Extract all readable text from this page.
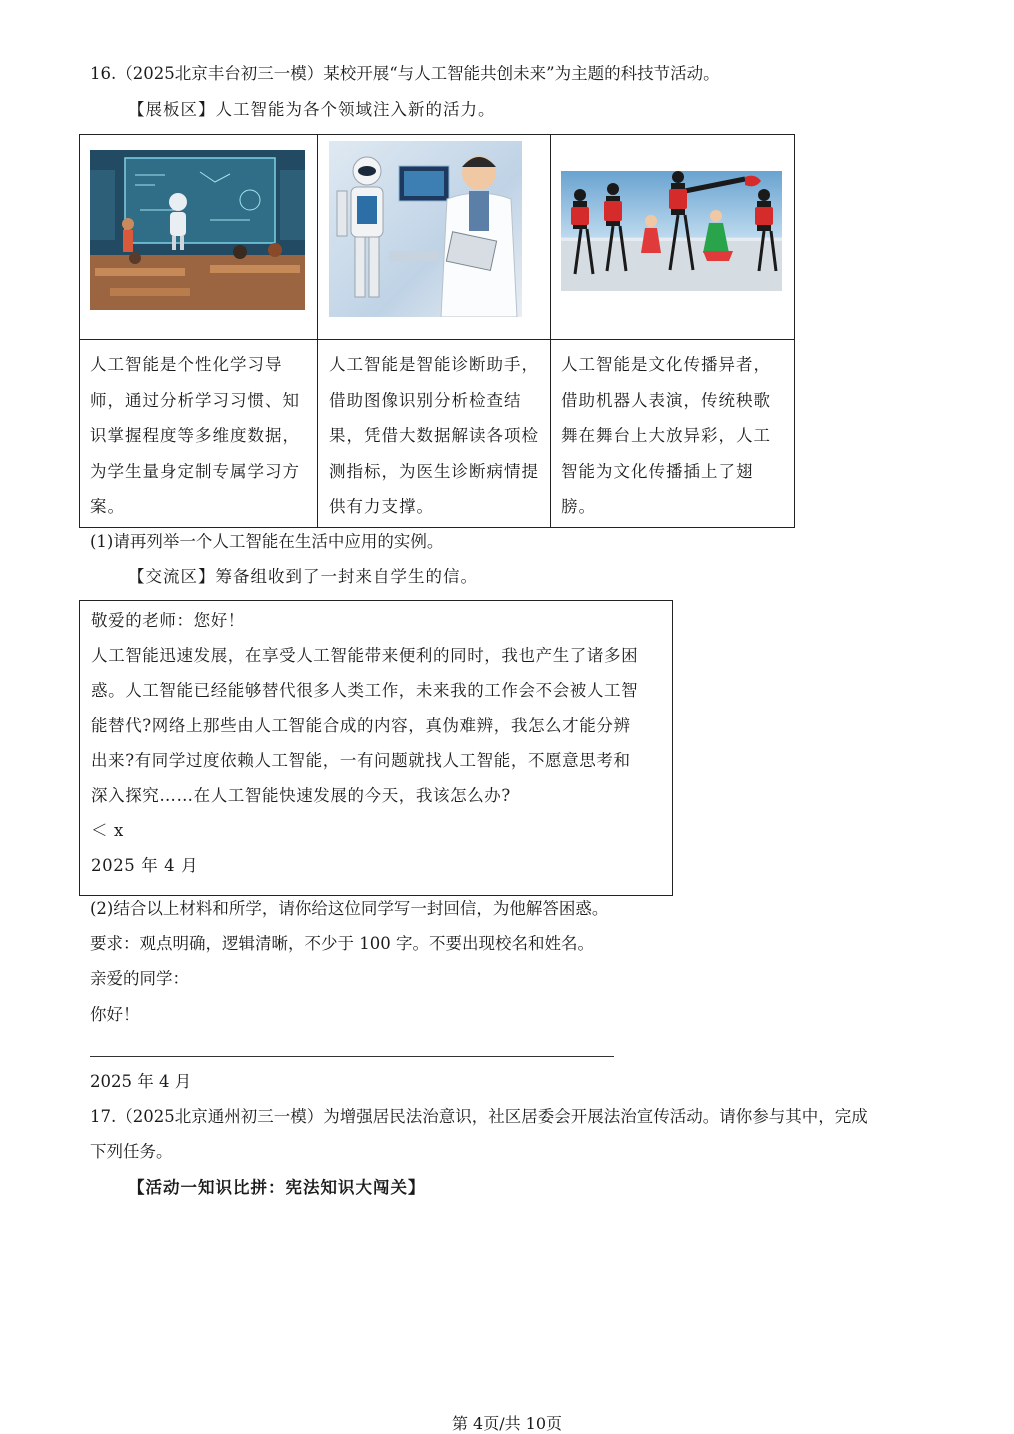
16.（2025北京丰台初三一模）某校开展“与人工智能共创未来”为主题的科技节活动。
【展板区】人工智能为各个领域注入新的活力。
人工智能是个性化学习导
师，通过分析学习习惯、知
识掌握程度等多维度数据，
为学生量身定制专属学习方
案。
人工智能是智能诊断助手，
借助图像识别分析检查结
果，凭借大数据解读各项检
测指标，为医生诊断病情提
供有力支撑。
人工智能是文化传播异者，
借助机器人表演，传统秧歌
舞在舞台上大放异彩，人工
智能为文化传播插上了翅
膀。
(1)请再列举一个人工智能在生活中应用的实例。
【交流区】筹备组收到了一封来自学生的信。
敬爱的老师：您好！
人工智能迅速发展，在享受人工智能带来便利的同时，我也产生了诸多困
惑。人工智能已经能够替代很多人类工作，未来我的工作会不会被人工智
能替代?网络上那些由人工智能合成的内容，真伪难辨，我怎么才能分辨
出来?有同学过度依赖人工智能，一有问题就找人工智能，不愿意思考和
深入探究……在人工智能快速发展的今天，我该怎么办?
＜ x
2025 年 4 月
(2)结合以上材料和所学，请你给这位同学写一封回信，为他解答困惑。
要求：观点明确，逻辑清晰，不少于 100 字。不要出现校名和姓名。
亲爱的同学：
你好！
2025 年 4 月
17.（2025北京通州初三一模）为增强居民法治意识，社区居委会开展法治宣传活动。请你参与其中，完成
下列任务。
【活动一知识比拼：宪法知识大闯关】
第 4页/共 10页
